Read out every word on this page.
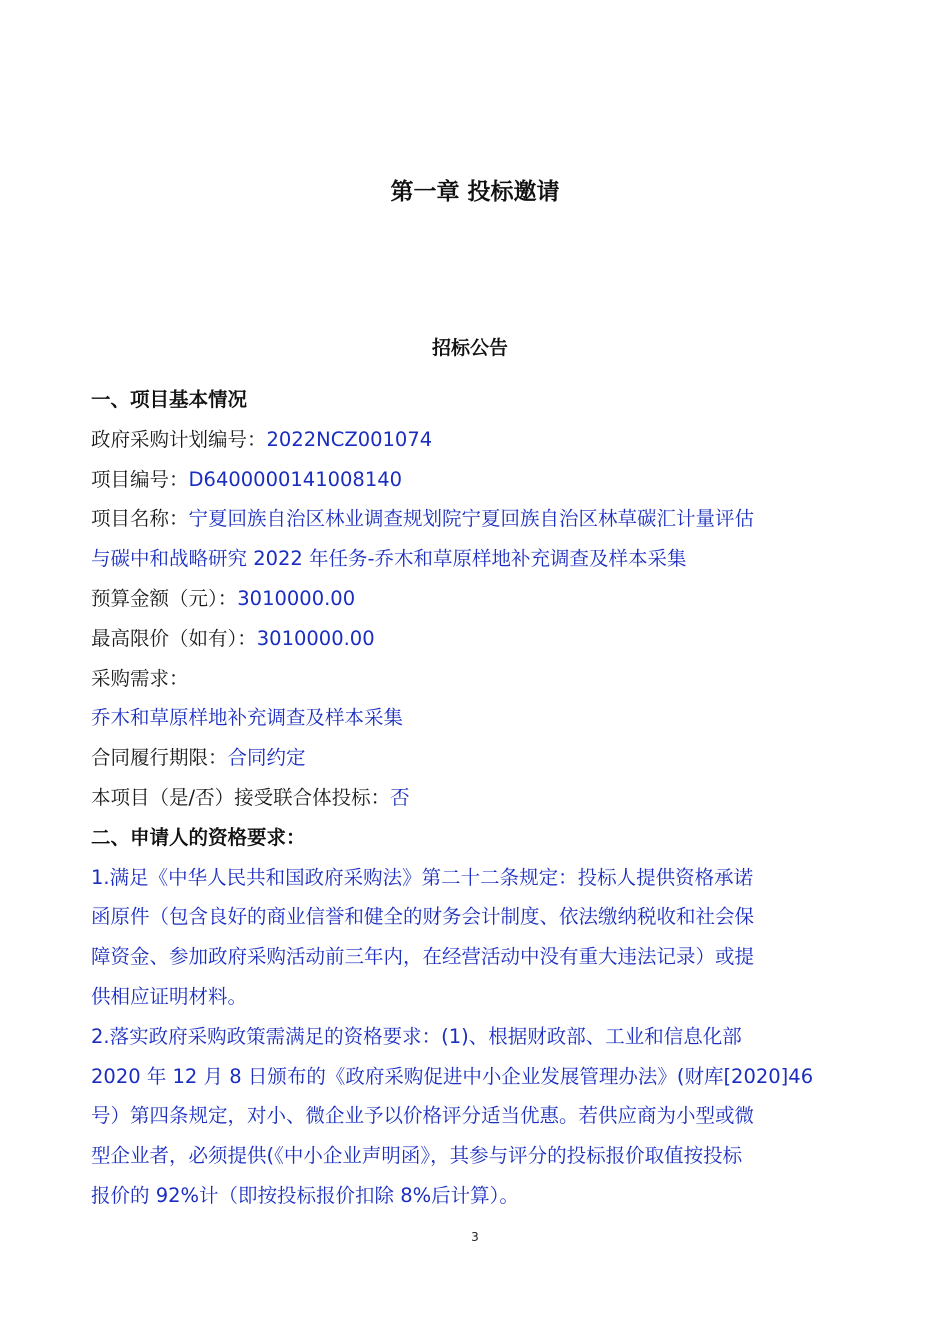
第一章 投标邀请
招标公告

一、项目基本情况

政府采购计划编号：2022NCZ001074

项目编号：D6400000141008140

项目名称：宁夏回族自治区林业调查规划院宁夏回族自治区林草碳汇计量评估

与碳中和战略研究 2022 年任务-乔木和草原样地补充调查及样本采集

预算金额（元）：3010000.00

最高限价（如有）：3010000.00

采购需求：

乔木和草原样地补充调查及样本采集

合同履行期限：合同约定

本项目（是/否）接受联合体投标：否

二、申请人的资格要求：

1.满足《中华人民共和国政府采购法》第二十二条规定：投标人提供资格承诺
函原件（包含良好的商业信誉和健全的财务会计制度、依法缴纳税收和社会保
障资金、参加政府采购活动前三年内，在经营活动中没有重大违法记录）或提
供相应证明材料。
2.落实政府采购政策需满足的资格要求：(1)、根据财政部、工业和信息化部
2020 年 12 月 8 日颁布的《政府采购促进中小企业发展管理办法》(财库[2020]46
号）第四条规定，对小、微企业予以价格评分适当优惠。若供应商为小型或微
型企业者，必须提供(《中小企业声明函》，其参与评分的投标报价取值按投标
报价的 92%计（即按投标报价扣除 8%后计算）。
3
